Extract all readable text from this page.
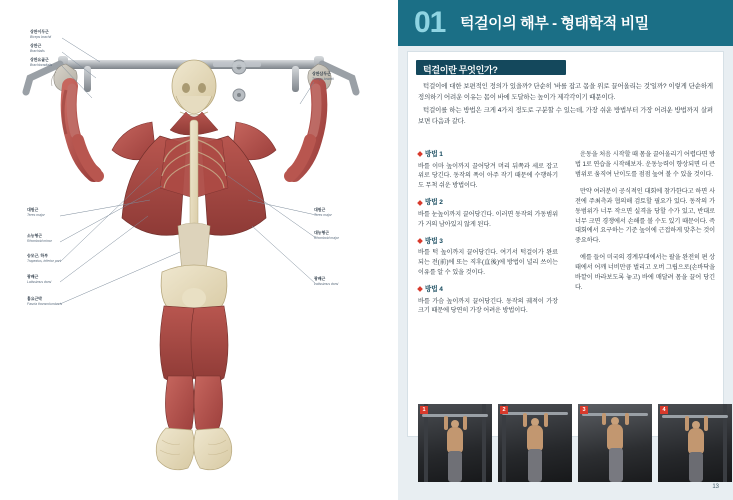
상완이두근
Biceps brachii
상완근
Brachialis
상완요골근
Brachioradialis
대원근
Teres major
소능형근
Rhomboid minor
승모근, 하부
Trapezius, inferior part
광배근
Latissimus dorsi
흉요근막
Fascia thoracolumbaris
상완삼두근
Triceps brachii
대원근
Teres major
대능형근
Rhomboid major
광배근
Latissimus dorsi
01 턱걸이의 해부 - 형태학적 비밀
턱걸이란 무엇인가?

턱걸이에 대한 보편적인 정의가 있을까? 단순히 '바를 잡고 몸을 위로 끌어올리는 것'일까? 이렇게 단순하게 정의하기 어려운 이유는 몸이 바에 도달하는 높이가 제각각이기 때문이다.

턱걸이를 하는 방법은 크게 4가지 정도로 구분할 수 있는데, 가장 쉬운 방법부터 가장 어려운 방법까지 살펴보면 다음과 같다.

방법 1
바를 이마 높이까지 끌어당겨 머리 뒤쪽과 세로 잡고 위로 당긴다. 동작의 폭이 아주 작기 때문에 수행하기도 무척 쉬운 방법이다.
방법 2
바를 눈높이까지 끌어당긴다. 이러면 동작의 가동범위가 거의 남아있지 않게 된다.
방법 3
바를 턱 높이까지 끌어당긴다. 여기서 턱걸이가 완료되는 전(前)에 또는 직후(直後)에 방법이 널리 쓰이는 이유를 알 수 있을 것이다.
방법 4
바를 가슴 높이까지 끌어당긴다. 동작의 궤적이 가장 크기 때문에 당연히 가장 어려운 방법이다.
운동을 처음 시작할 때 몸을 끌어올리기 어렵다면 방법 1로 연습을 시작해보자. 운동능력이 향상되면 더 큰 범위로 움직여 난이도를 점점 높여 볼 수 있을 것이다.
만약 여러분이 공식적인 대회에 참가한다고 하면 사전에 주최측과 협의해 검토할 필요가 있다. 동작의 가동범위가 너무 작으면 실격을 당할 수가 있고, 반대로 너무 크면 경쟁에서 손해를 볼 수도 있기 때문이다. 즉 대회에서 요구하는 기준 높이에 근접하게 맞추는 것이 중요하다.
예를 들어 미국의 경계부대에서는 팔을 완전히 편 상태에서 어깨 너비만큼 벌리고 오버 그립으로(손바닥을 바깥이 바라보도록 놓고) 바에 매달려 몸을 끌어 당긴다.
1	2	3	4
13
